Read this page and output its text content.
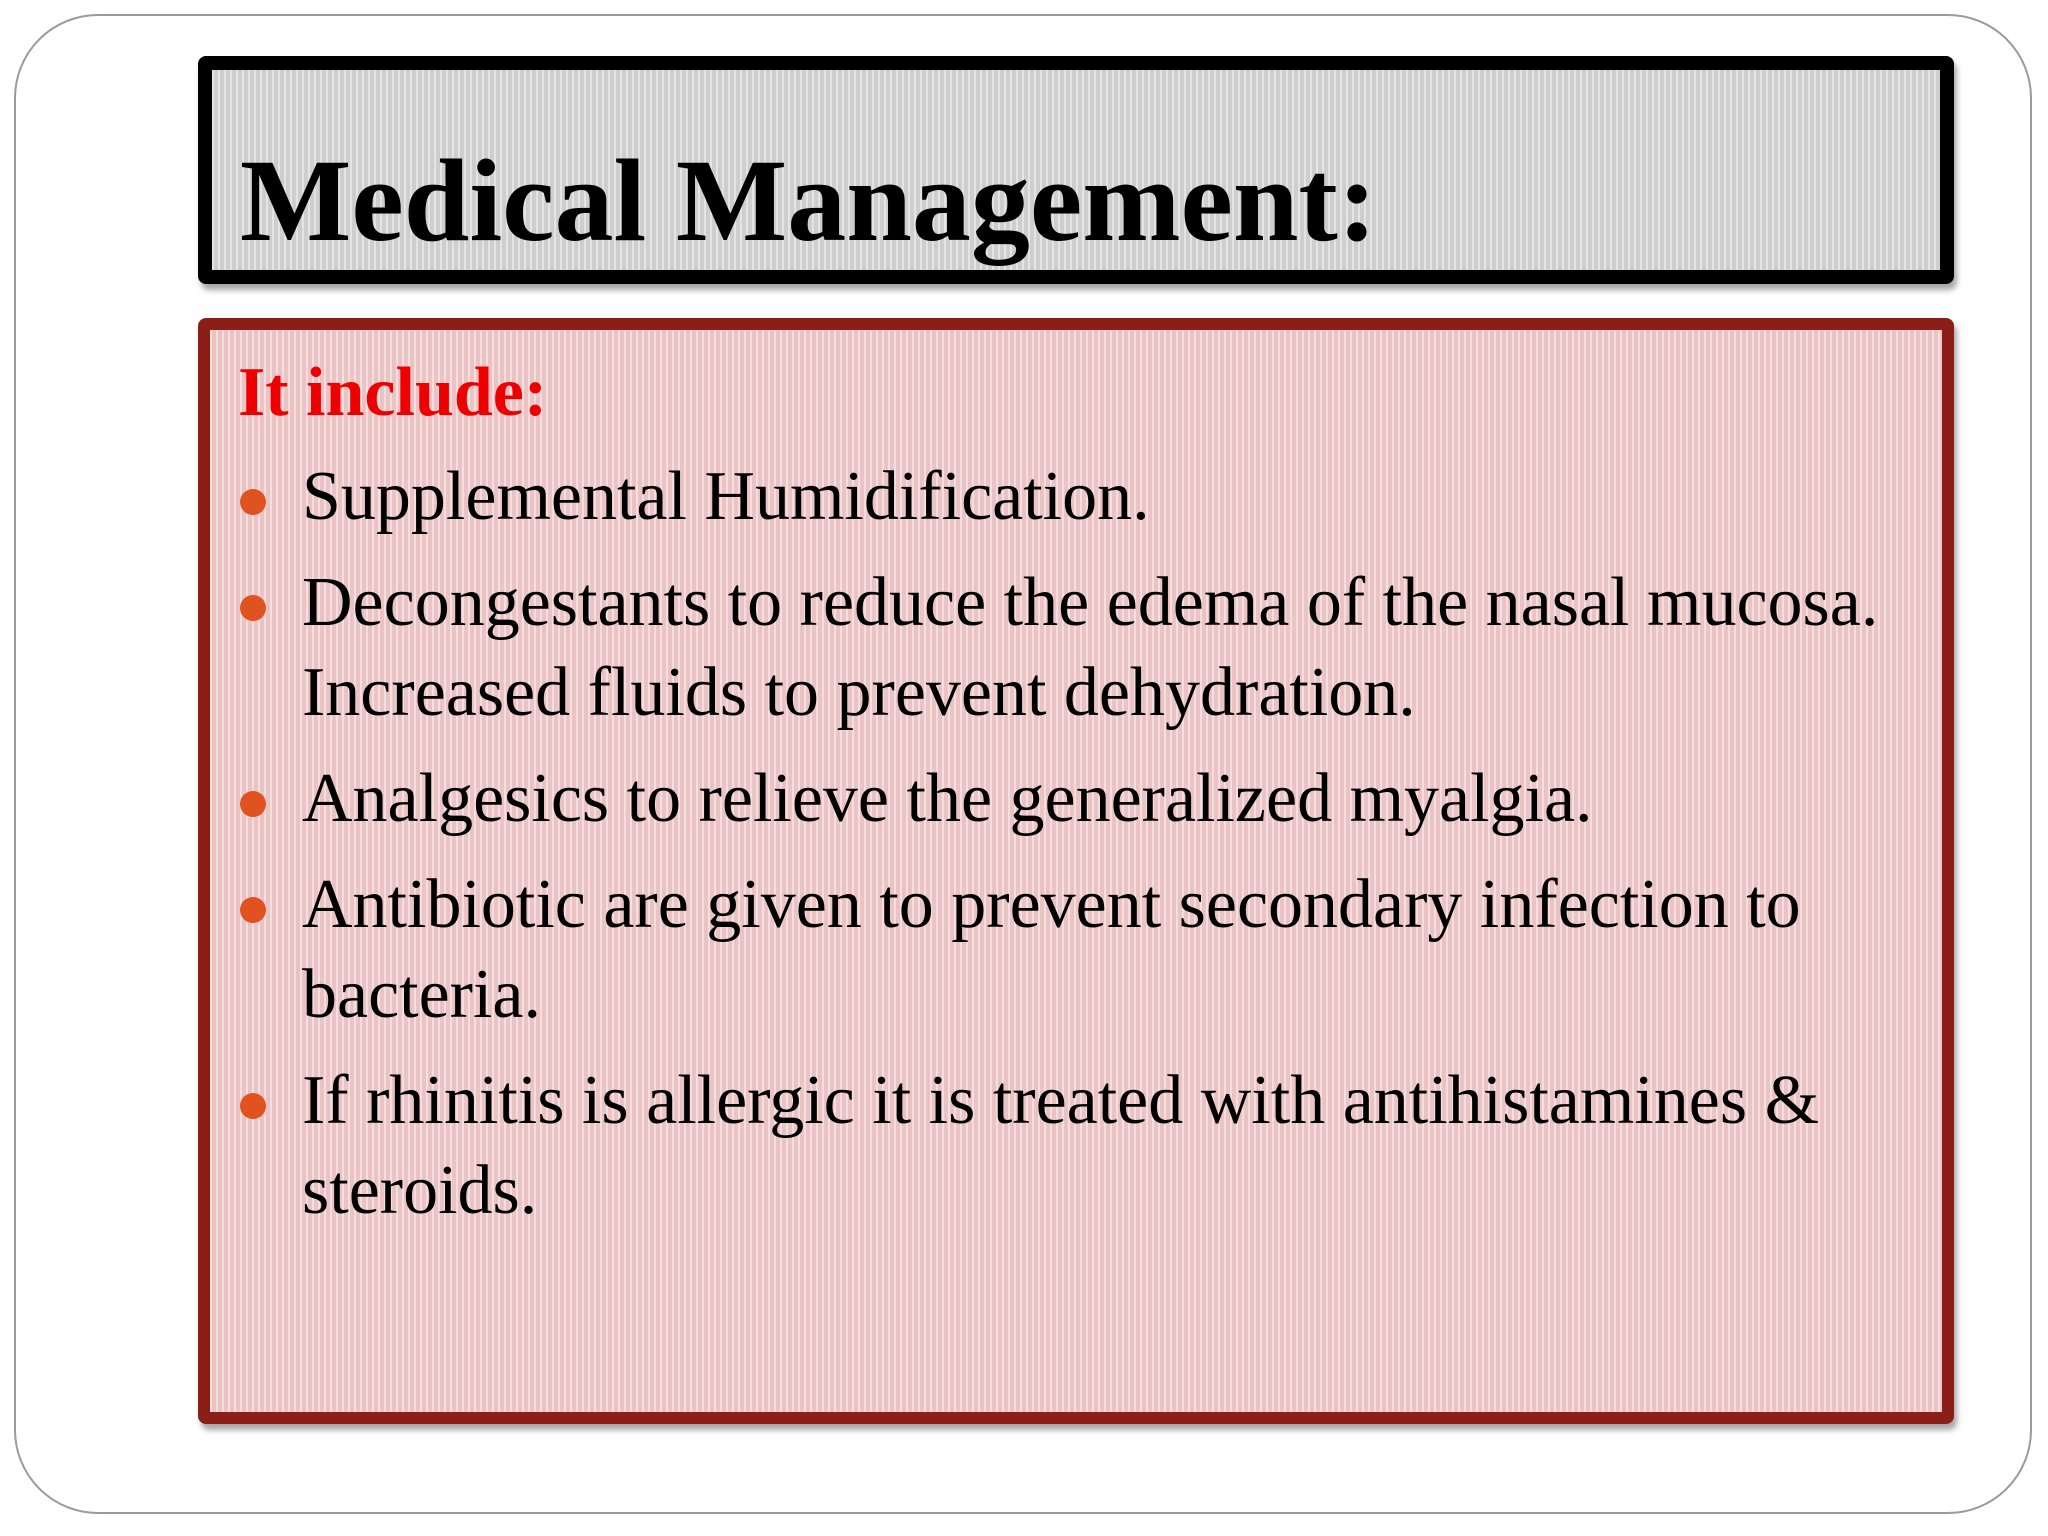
Medical Management:

It include:

Supplemental Humidification.
Decongestants to reduce the edema of the nasal mucosa. Increased fluids to prevent dehydration.
Analgesics to relieve the generalized myalgia.
Antibiotic are given to prevent secondary infection to bacteria.
If rhinitis is allergic it is treated with antihistamines & steroids.
